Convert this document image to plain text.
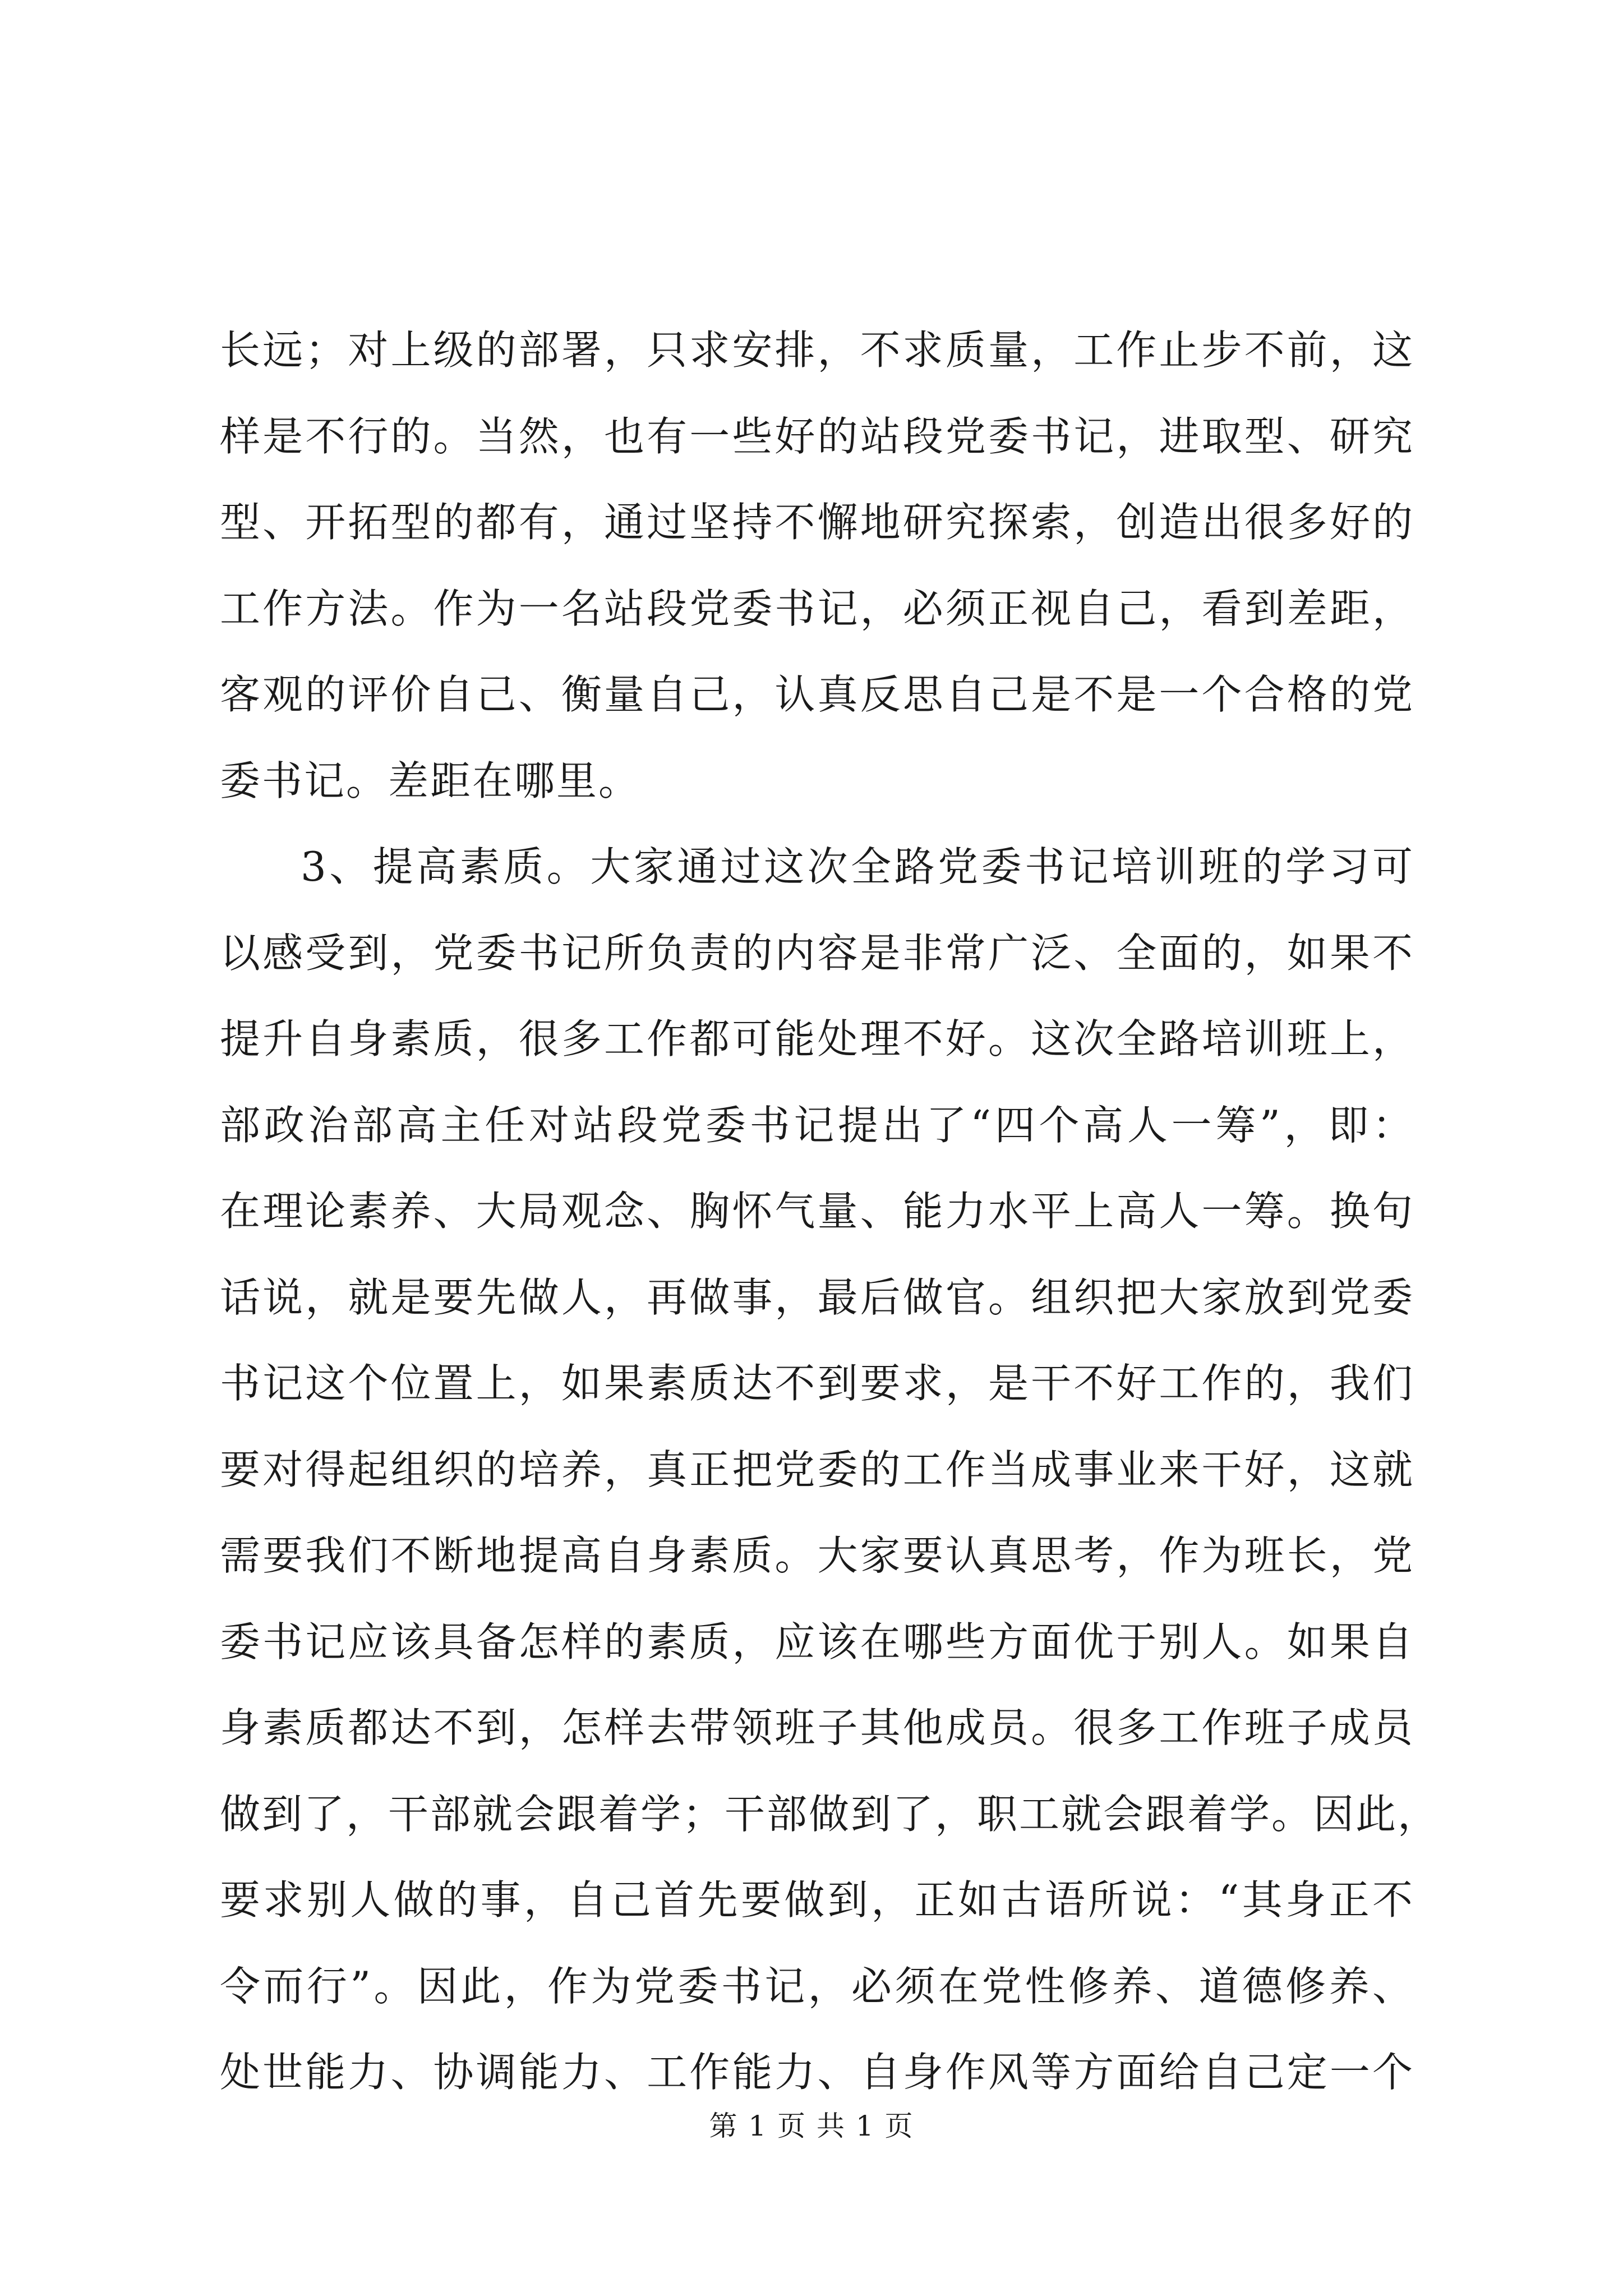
长远；对上级的部署，只求安排，不求质量，工作止步不前，这
样是不行的。当然，也有一些好的站段党委书记，进取型、研究
型、开拓型的都有，通过坚持不懈地研究探索，创造出很多好的
工作方法。作为一名站段党委书记，必须正视自己，看到差距，
客观的评价自己、衡量自己，认真反思自己是不是一个合格的党
委书记。差距在哪里。
3、提高素质。大家通过这次全路党委书记培训班的学习可
以感受到，党委书记所负责的内容是非常广泛、全面的，如果不
提升自身素质，很多工作都可能处理不好。这次全路培训班上，
部政治部高主任对站段党委书记提出了“四个高人一筹”，即：
在理论素养、大局观念、胸怀气量、能力水平上高人一筹。换句
话说，就是要先做人，再做事，最后做官。组织把大家放到党委
书记这个位置上，如果素质达不到要求，是干不好工作的，我们
要对得起组织的培养，真正把党委的工作当成事业来干好，这就
需要我们不断地提高自身素质。大家要认真思考，作为班长，党
委书记应该具备怎样的素质，应该在哪些方面优于别人。如果自
身素质都达不到，怎样去带领班子其他成员。很多工作班子成员
做到了，干部就会跟着学；干部做到了，职工就会跟着学。因此，
要求别人做的事，自己首先要做到，正如古语所说：“其身正不
令而行”。因此，作为党委书记，必须在党性修养、道德修养、
处世能力、协调能力、工作能力、自身作风等方面给自己定一个
第 1 页 共 1 页
